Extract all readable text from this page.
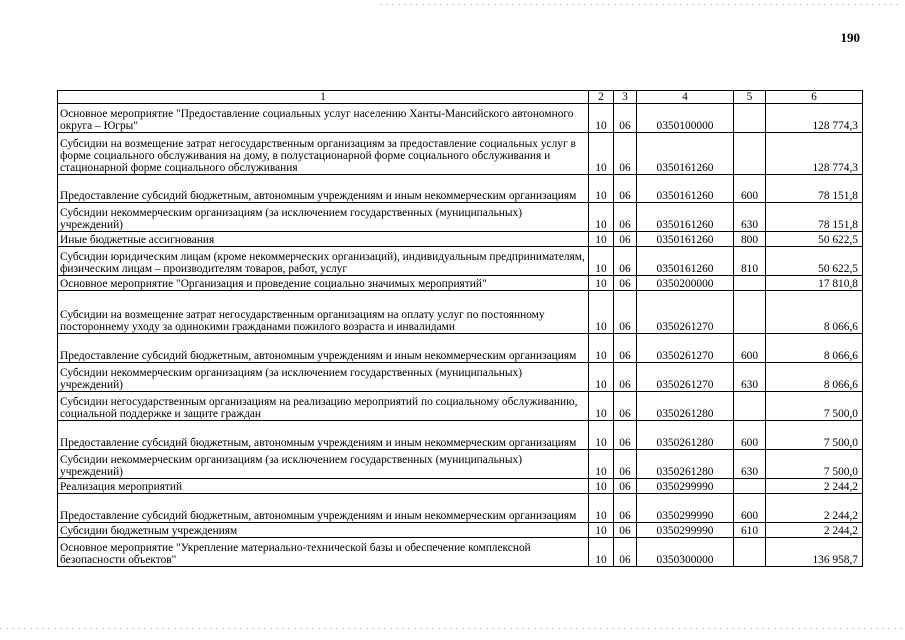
190
1	2	3	4	5	6
Основное мероприятие "Предоставление социальных услуг населению Ханты-Мансийского автономного округа – Югры"	10	06	0350100000		128 774,3
Субсидии на возмещение затрат негосударственным организациям за предоставление социальных услуг в форме социального обслуживания на дому, в полустационарной форме социального обслуживания и стационарной форме социального обслуживания	10	06	0350161260		128 774,3
Предоставление субсидий бюджетным, автономным учреждениям и иным некоммерческим организациям	10	06	0350161260	600	78 151,8
Субсидии некоммерческим организациям (за исключением государственных (муниципальных) учреждений)	10	06	0350161260	630	78 151,8
Иные бюджетные ассигнования	10	06	0350161260	800	50 622,5
Субсидии юридическим лицам (кроме некоммерческих организаций), индивидуальным предпринимателям, физическим лицам – производителям товаров, работ, услуг	10	06	0350161260	810	50 622,5
Основное мероприятие "Организация и проведение социально значимых мероприятий"	10	06	0350200000		17 810,8
Субсидии на возмещение затрат негосударственным организациям на оплату услуг по постоянному постороннему уходу за одинокими гражданами пожилого возраста и инвалидами	10	06	0350261270		8 066,6
Предоставление субсидий бюджетным, автономным учреждениям и иным некоммерческим организациям	10	06	0350261270	600	8 066,6
Субсидии некоммерческим организациям (за исключением государственных (муниципальных) учреждений)	10	06	0350261270	630	8 066,6
Субсидии негосударственным организациям на реализацию мероприятий по социальному обслуживанию, социальной поддержке и защите граждан	10	06	0350261280		7 500,0
Предоставление субсидий бюджетным, автономным учреждениям и иным некоммерческим организациям	10	06	0350261280	600	7 500,0
Субсидии некоммерческим организациям (за исключением государственных (муниципальных) учреждений)	10	06	0350261280	630	7 500,0
Реализация мероприятий	10	06	0350299990		2 244,2
Предоставление субсидий бюджетным, автономным учреждениям и иным некоммерческим организациям	10	06	0350299990	600	2 244,2
Субсидии бюджетным учреждениям	10	06	0350299990	610	2 244,2
Основное мероприятие "Укрепление материально-технической базы и обеспечение комплексной безопасности объектов"	10	06	0350300000		136 958,7
